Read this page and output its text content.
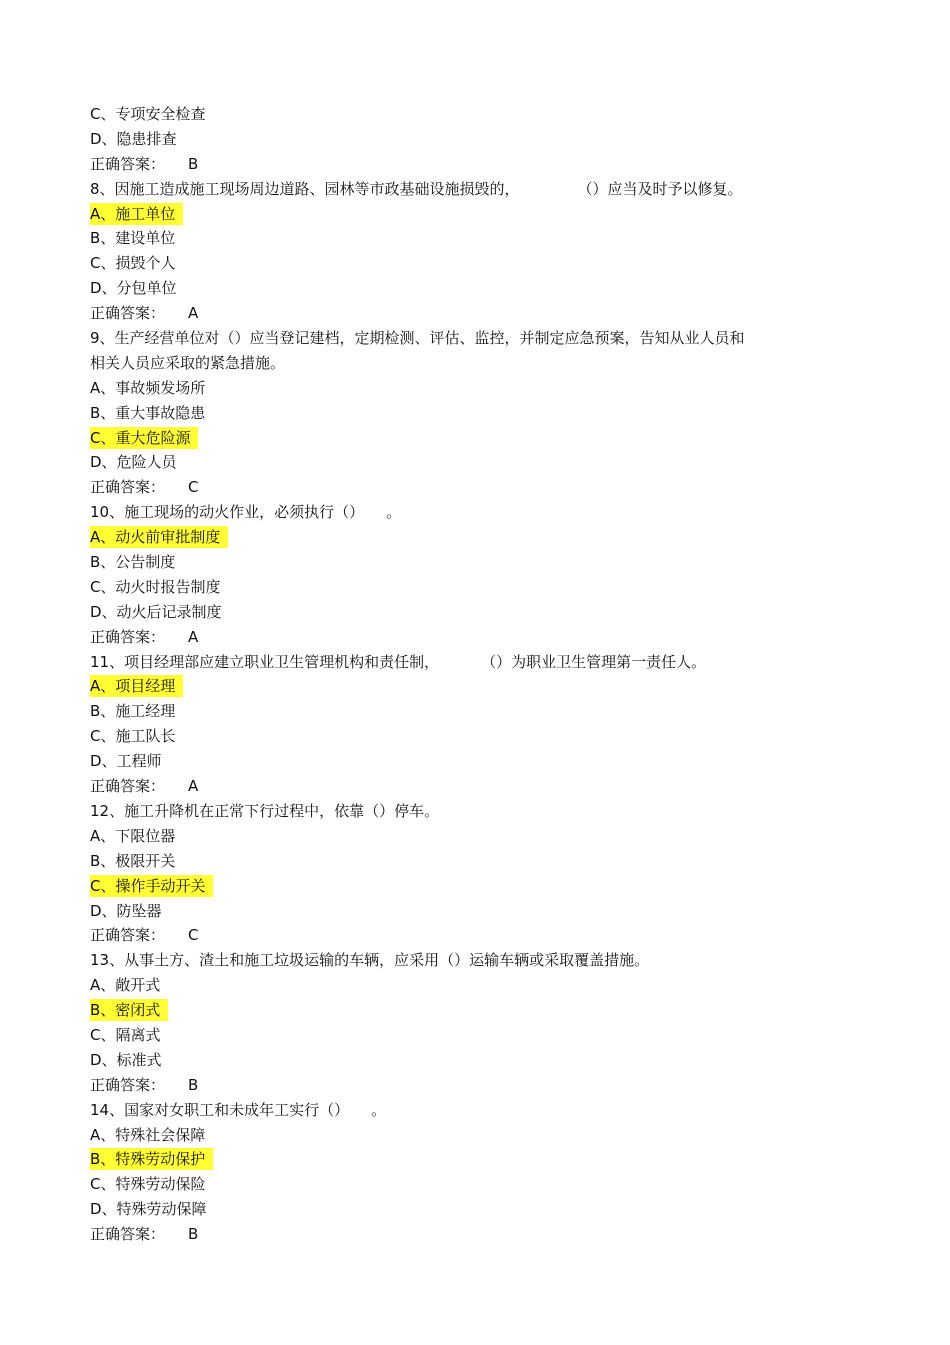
C、专项安全检查
D、隐患排查
正确答案： B
8、因施工造成施工现场周边道路、园林等市政基础设施损毁的，	（）应当及时予以修复。
A、施工单位
B、建设单位
C、损毁个人
D、分包单位
正确答案： A
9、生产经营单位对（）应当登记建档，定期检测、评估、监控，并制定应急预案，告知从业人员和
相关人员应采取的紧急措施。
A、事故频发场所
B、重大事故隐患
C、重大危险源
D、危险人员
正确答案： C
10、施工现场的动火作业，必须执行（） 。
A、动火前审批制度
B、公告制度
C、动火时报告制度
D、动火后记录制度
正确答案： A
11、项目经理部应建立职业卫生管理机构和责任制，	（）为职业卫生管理第一责任人。
A、项目经理
B、施工经理
C、施工队长
D、工程师
正确答案： A
12、施工升降机在正常下行过程中，依靠（）停车。
A、下限位器
B、极限开关
C、操作手动开关
D、防坠器
正确答案： C
13、从事土方、渣土和施工垃圾运输的车辆，应采用（）运输车辆或采取覆盖措施。
A、敞开式
B、密闭式
C、隔离式
D、标准式
正确答案： B
14、国家对女职工和未成年工实行（） 。
A、特殊社会保障
B、特殊劳动保护
C、特殊劳动保险
D、特殊劳动保障
正确答案： B
